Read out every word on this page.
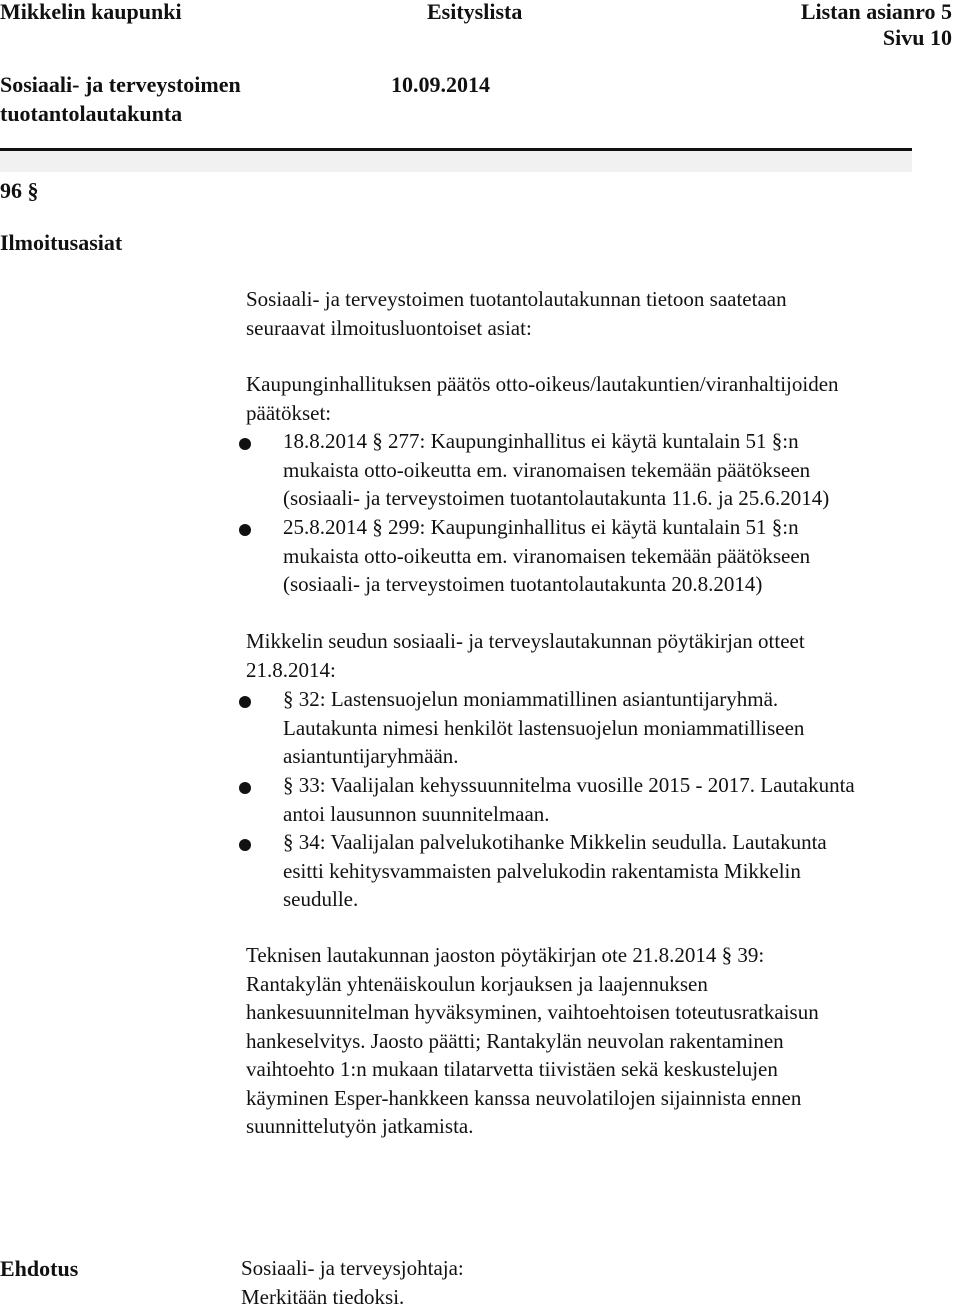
Mikkelin kaupunki	Esityslista	Listan asianro 5
Sivu 10
Sosiaali- ja terveystoimen
tuotantolautakunta
10.09.2014
96 §
Ilmoitusasiat
Sosiaali- ja terveystoimen tuotantolautakunnan tietoon saatetaan
seuraavat ilmoitusluontoiset asiat:
Kaupunginhallituksen päätös otto-oikeus/lautakuntien/viranhaltijoiden
päätökset:
18.8.2014 § 277: Kaupunginhallitus ei käytä kuntalain 51 §:n
mukaista otto-oikeutta em. viranomaisen tekemään päätökseen
(sosiaali- ja terveystoimen tuotantolautakunta 11.6. ja 25.6.2014)
25.8.2014 § 299: Kaupunginhallitus ei käytä kuntalain 51 §:n
mukaista otto-oikeutta em. viranomaisen tekemään päätökseen
(sosiaali- ja terveystoimen tuotantolautakunta 20.8.2014)
Mikkelin seudun sosiaali- ja terveyslautakunnan pöytäkirjan otteet
21.8.2014:
§ 32: Lastensuojelun moniammatillinen asiantuntijaryhmä.
Lautakunta nimesi henkilöt lastensuojelun moniammatilliseen
asiantuntijaryhmään.
§ 33: Vaalijalan kehyssuunnitelma vuosille 2015 - 2017. Lautakunta
antoi lausunnon suunnitelmaan.
§ 34: Vaalijalan palvelukotihanke Mikkelin seudulla. Lautakunta
esitti kehitysvammaisten palvelukodin rakentamista Mikkelin
seudulle.
Teknisen lautakunnan jaoston pöytäkirjan ote 21.8.2014 § 39:
Rantakylän yhtenäiskoulun korjauksen ja laajennuksen
hankesuunnitelman hyväksyminen, vaihtoehtoisen toteutusratkaisun
hankeselvitys. Jaosto päätti; Rantakylän neuvolan rakentaminen
vaihtoehto 1:n mukaan tilatarvetta tiivistäen sekä keskustelujen
käyminen Esper-hankkeen kanssa neuvolatilojen sijainnista ennen
suunnittelutyön jatkamista.
Ehdotus	Sosiaali- ja terveysjohtaja:
Merkitään tiedoksi.
